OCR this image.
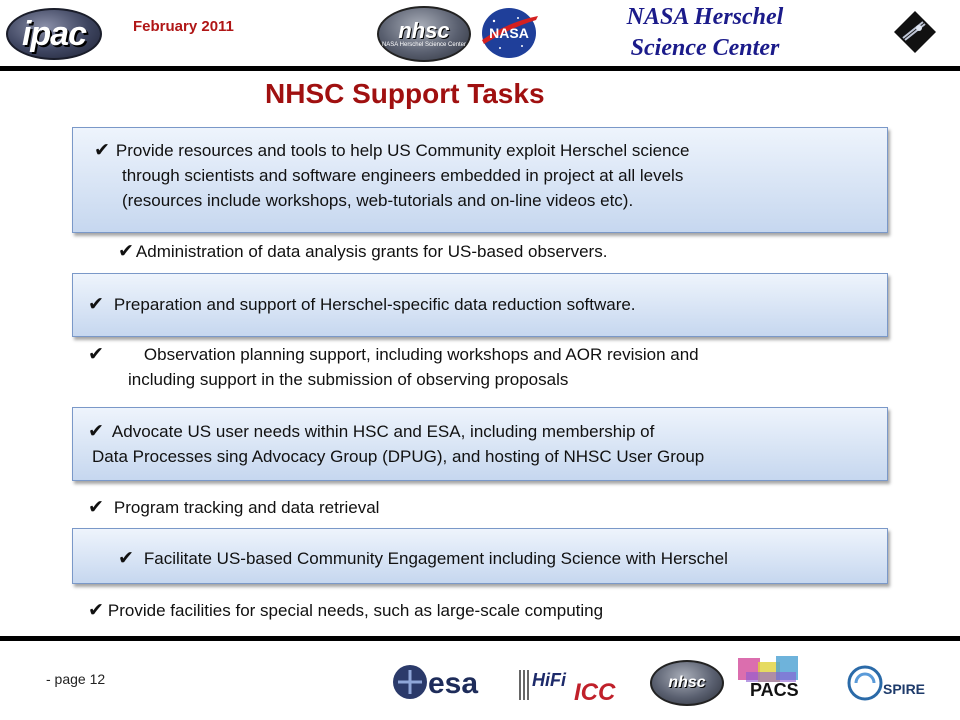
ipac	February 2011	nhsc
NASA Herschel Science Center
NASA
NASA Herschel
Science Center
NHSC Support Tasks
✔ Provide resources and tools to help US Community exploit Herschel science
through scientists and software engineers embedded in project at all levels
(resources include workshops, web-tutorials and on-line videos etc).
✔ Administration of data analysis grants for US-based observers.
✔ Preparation and support of Herschel-specific data reduction software.
✔ Observation planning support, including workshops and AOR revision and
including support in the submission of observing proposals
✔ Advocate US user needs within HSC and ESA, including membership of
Data Processes sing Advocacy Group (DPUG), and hosting of NHSC User Group
✔ Program tracking and data retrieval
✔ Facilitate US-based Community Engagement including Science with Herschel
✔ Provide facilities for special needs, such as large-scale computing
- page 12	esa	HiFi ICC	nhsc PACS	SPIRE
